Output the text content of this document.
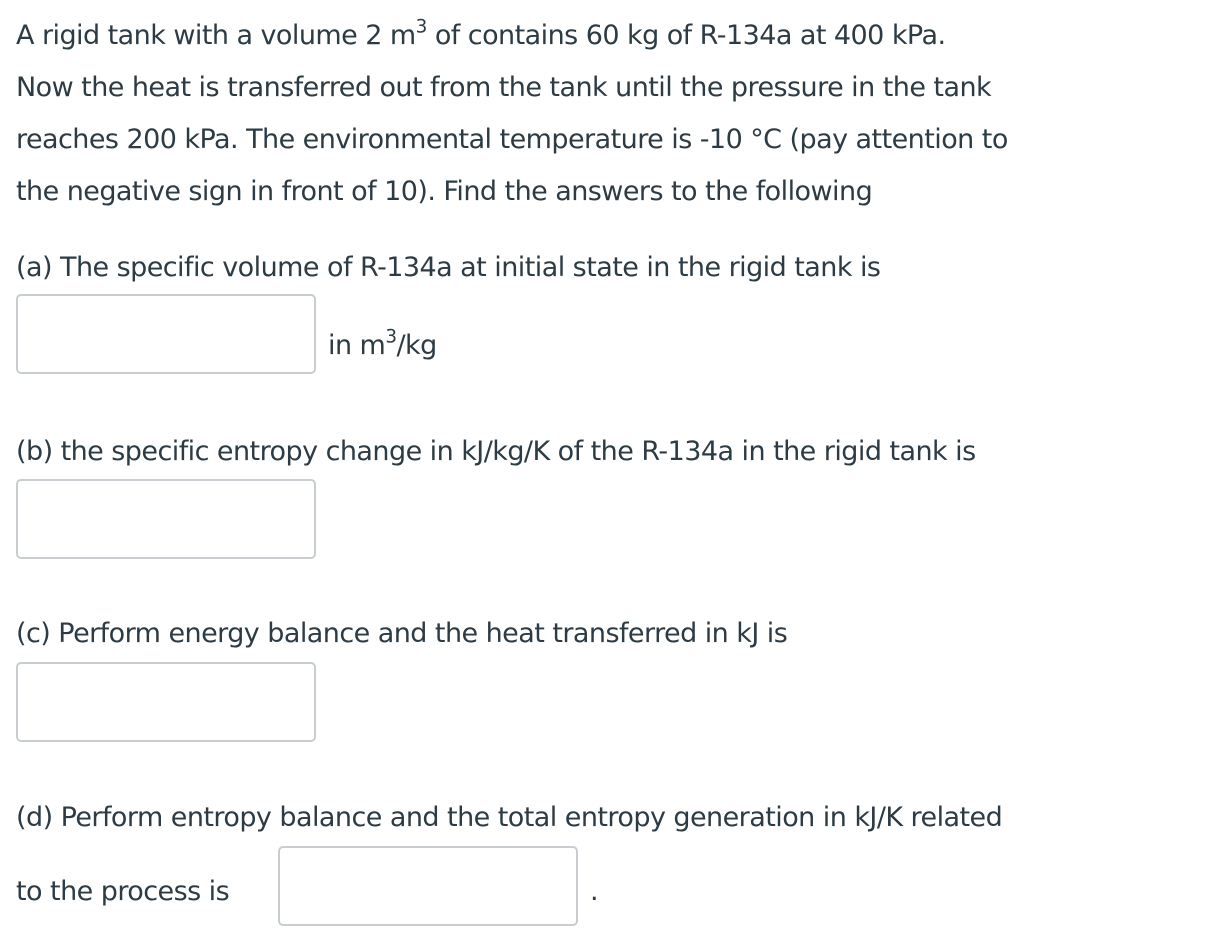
A rigid tank with a volume 2 $m^3$ of contains 60 kg of R-134a at 400 kPa.

Now the heat is transferred out from the tank until the pressure in the tank

reaches 200 kPa. The environmental temperature is -10 °C (pay attention to

the negative sign in front of 10). Find the answers to the following

(a) The specific volume of R-134a at initial state in the rigid tank is
in $m^3/kg$
(b) the specific entropy change in kJ/kg/K of the R-134a in the rigid tank is
(c) Perform energy balance and the heat transferred in kJ is
(d) Perform entropy balance and the total entropy generation in kJ/K related
to the process is	.
